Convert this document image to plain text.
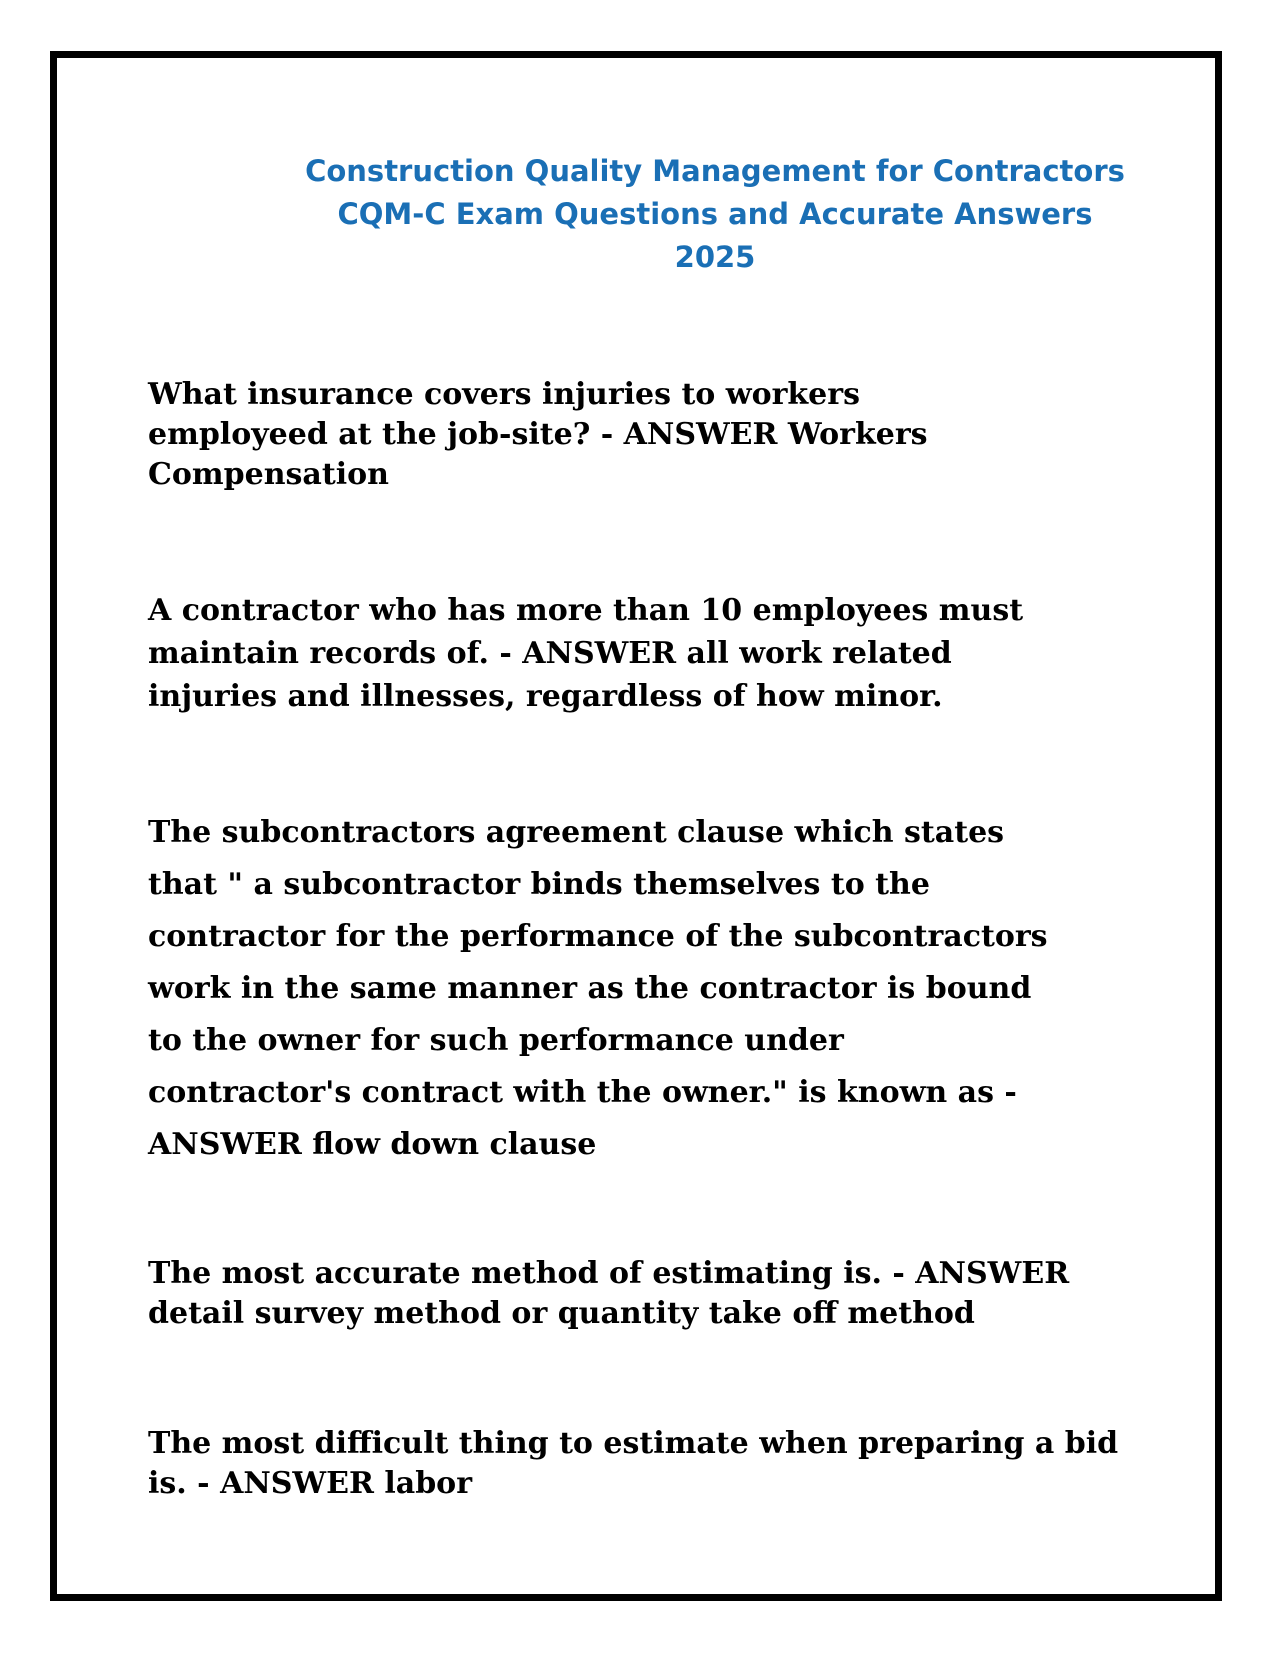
Construction Quality Management for Contractors
CQM-C Exam Questions and Accurate Answers
2025

What insurance covers injuries to workers
employeed at the job-site? - ANSWER Workers
Compensation

A contractor who has more than 10 employees must
maintain records of. - ANSWER all work related
injuries and illnesses, regardless of how minor.

The subcontractors agreement clause which states
that " a subcontractor binds themselves to the
contractor for the performance of the subcontractors
work in the same manner as the contractor is bound
to the owner for such performance under
contractor's contract with the owner." is known as -
ANSWER flow down clause

The most accurate method of estimating is. - ANSWER
detail survey method or quantity take off method

The most difficult thing to estimate when preparing a bid
is. - ANSWER labor
